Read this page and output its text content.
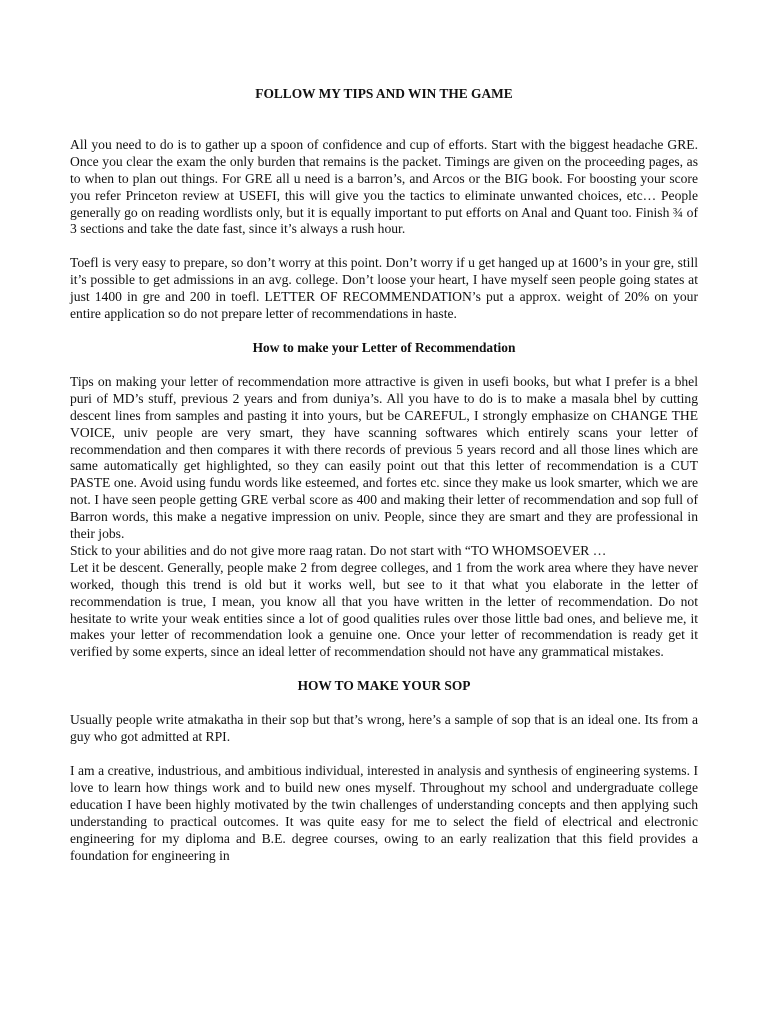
FOLLOW MY TIPS AND WIN THE GAME

All you need to do is to gather up a spoon of confidence and cup of efforts. Start with the biggest headache GRE. Once you clear the exam the only burden that remains is the packet. Timings are given on the proceeding pages, as to when to plan out things. For GRE all u need is a barron’s, and Arcos or the BIG book. For boosting your score you refer Princeton review at USEFI, this will give you the tactics to eliminate unwanted choices, etc… People generally go on reading wordlists only, but it is equally important to put efforts on Anal and Quant too. Finish ¾ of 3 sections and take the date fast, since it’s always a rush hour.

Toefl is very easy to prepare, so don’t worry at this point. Don’t worry if u get hanged up at 1600’s in your gre, still it’s possible to get admissions in an avg. college. Don’t loose your heart, I have myself seen people going states at just 1400 in gre and 200 in toefl. LETTER OF RECOMMENDATION’s put a approx. weight of 20% on your entire application so do not prepare letter of recommendations in haste.

How to make your Letter of Recommendation

Tips on making your letter of recommendation more attractive is given in usefi books, but what I prefer is a bhel puri of MD’s stuff, previous 2 years and from duniya’s. All you have to do is to make a masala bhel by cutting descent lines from samples and pasting it into yours, but be CAREFUL, I strongly emphasize on CHANGE THE VOICE, univ people are very smart, they have scanning softwares which entirely scans your letter of recommendation and then compares it with there records of previous 5 years record and all those lines which are same automatically get highlighted, so they can easily point out that this letter of recommendation is a CUT PASTE one. Avoid using fundu words like esteemed, and fortes etc. since they make us look smarter, which we are not. I have seen people getting GRE verbal score as 400 and making their letter of recommendation and sop full of Barron words, this make a negative impression on univ. People, since they are smart and they are professional in their jobs.

Stick to your abilities and do not give more raag ratan. Do not start with “TO WHOMSOEVER …

Let it be descent. Generally, people make 2 from degree colleges, and 1 from the work area where they have never worked, though this trend is old but it works well, but see to it that what you elaborate in the letter of recommendation is true, I mean, you know all that you have written in the letter of recommendation. Do not hesitate to write your weak entities since a lot of good qualities rules over those little bad ones, and believe me, it makes your letter of recommendation look a genuine one. Once your letter of recommendation is ready get it verified by some experts, since an ideal letter of recommendation should not have any grammatical mistakes.

HOW TO MAKE YOUR SOP

Usually people write atmakatha in their sop but that’s wrong, here’s a sample of sop that is an ideal one. Its from a guy who got admitted at RPI.

I am a creative, industrious, and ambitious individual, interested in analysis and synthesis of engineering systems. I love to learn how things work and to build new ones myself. Throughout my school and undergraduate college education I have been highly motivated by the twin challenges of understanding concepts and then applying such understanding to practical outcomes. It was quite easy for me to select the field of electrical and electronic engineering for my diploma and B.E. degree courses, owing to an early realization that this field provides a foundation for engineering in
